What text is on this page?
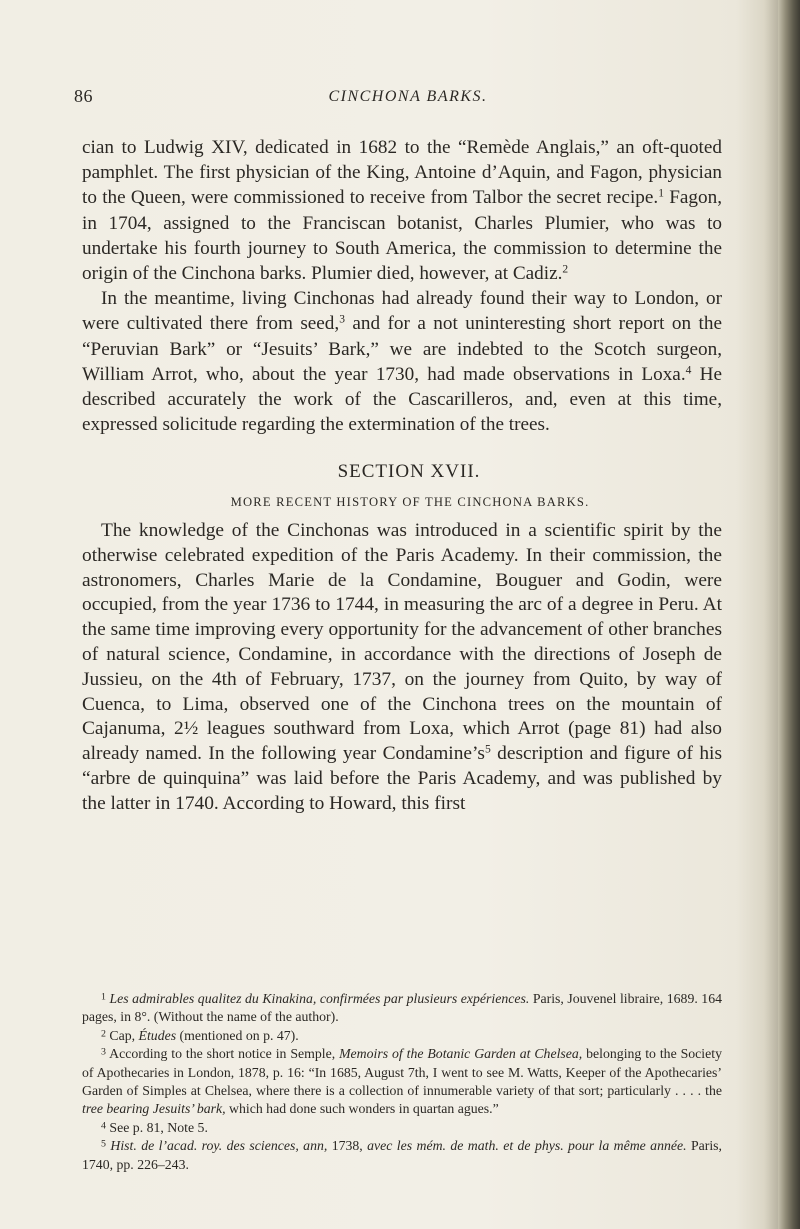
86	CINCHONA BARKS.

cian to Ludwig XIV, dedicated in 1682 to the “Remède Anglais,” an oft-quoted pamphlet. The first physician of the King, Antoine d’Aquin, and Fagon, physician to the Queen, were commissioned to receive from Talbor the secret recipe.$^1$ Fagon, in 1704, assigned to the Franciscan botanist, Charles Plumier, who was to undertake his fourth journey to South America, the commission to determine the origin of the Cinchona barks. Plumier died, however, at Cadiz.$^2$

In the meantime, living Cinchonas had already found their way to London, or were cultivated there from seed,$^3$ and for a not uninteresting short report on the “Peruvian Bark” or “Jesuits’ Bark,” we are indebted to the Scotch surgeon, William Arrot, who, about the year 1730, had made observations in Loxa.$^4$ He described accurately the work of the Cascarilleros, and, even at this time, expressed solicitude regarding the extermination of the trees.

SECTION XVII.
MORE RECENT HISTORY OF THE CINCHONA BARKS.

The knowledge of the Cinchonas was introduced in a scientific spirit by the otherwise celebrated expedition of the Paris Academy. In their commission, the astronomers, Charles Marie de la Condamine, Bouguer and Godin, were occupied, from the year 1736 to 1744, in measuring the arc of a degree in Peru. At the same time improving every opportunity for the advancement of other branches of natural science, Condamine, in accordance with the directions of Joseph de Jussieu, on the 4th of February, 1737, on the journey from Quito, by way of Cuenca, to Lima, observed one of the Cinchona trees on the mountain of Cajanuma, 2½ leagues southward from Loxa, which Arrot (page 81) had also already named. In the following year $Condamine’s^5$ description and figure of his “arbre de quinquina” was laid before the Paris Academy, and was published by the latter in 1740. According to Howard, this first

$^1$ Les admirables qualitez du Kinakina, confirmées par plusieurs expériences. Paris, Jouvenel libraire, 1689. 164 pages, in 8°. (Without the name of the author).

$^2$ Cap, Études (mentioned on p. 47).

$^3$ According to the short notice in Semple, Memoirs of the Botanic Garden at Chelsea, belonging to the Society of Apothecaries in London, 1878, p. 16: “In 1685, August 7th, I went to see M. Watts, Keeper of the Apothecaries’ Garden of Simples at Chelsea, where there is a collection of innumerable variety of that sort; particularly . . . . the tree bearing Jesuits’ bark, which had done such wonders in quartan agues.”

$^4$ See p. 81, Note 5.

$^5$ Hist. de l’acad. roy. des sciences, ann, 1738, avec les mém. de math. et de phys. pour la même année. Paris, 1740, pp. 226–243.
